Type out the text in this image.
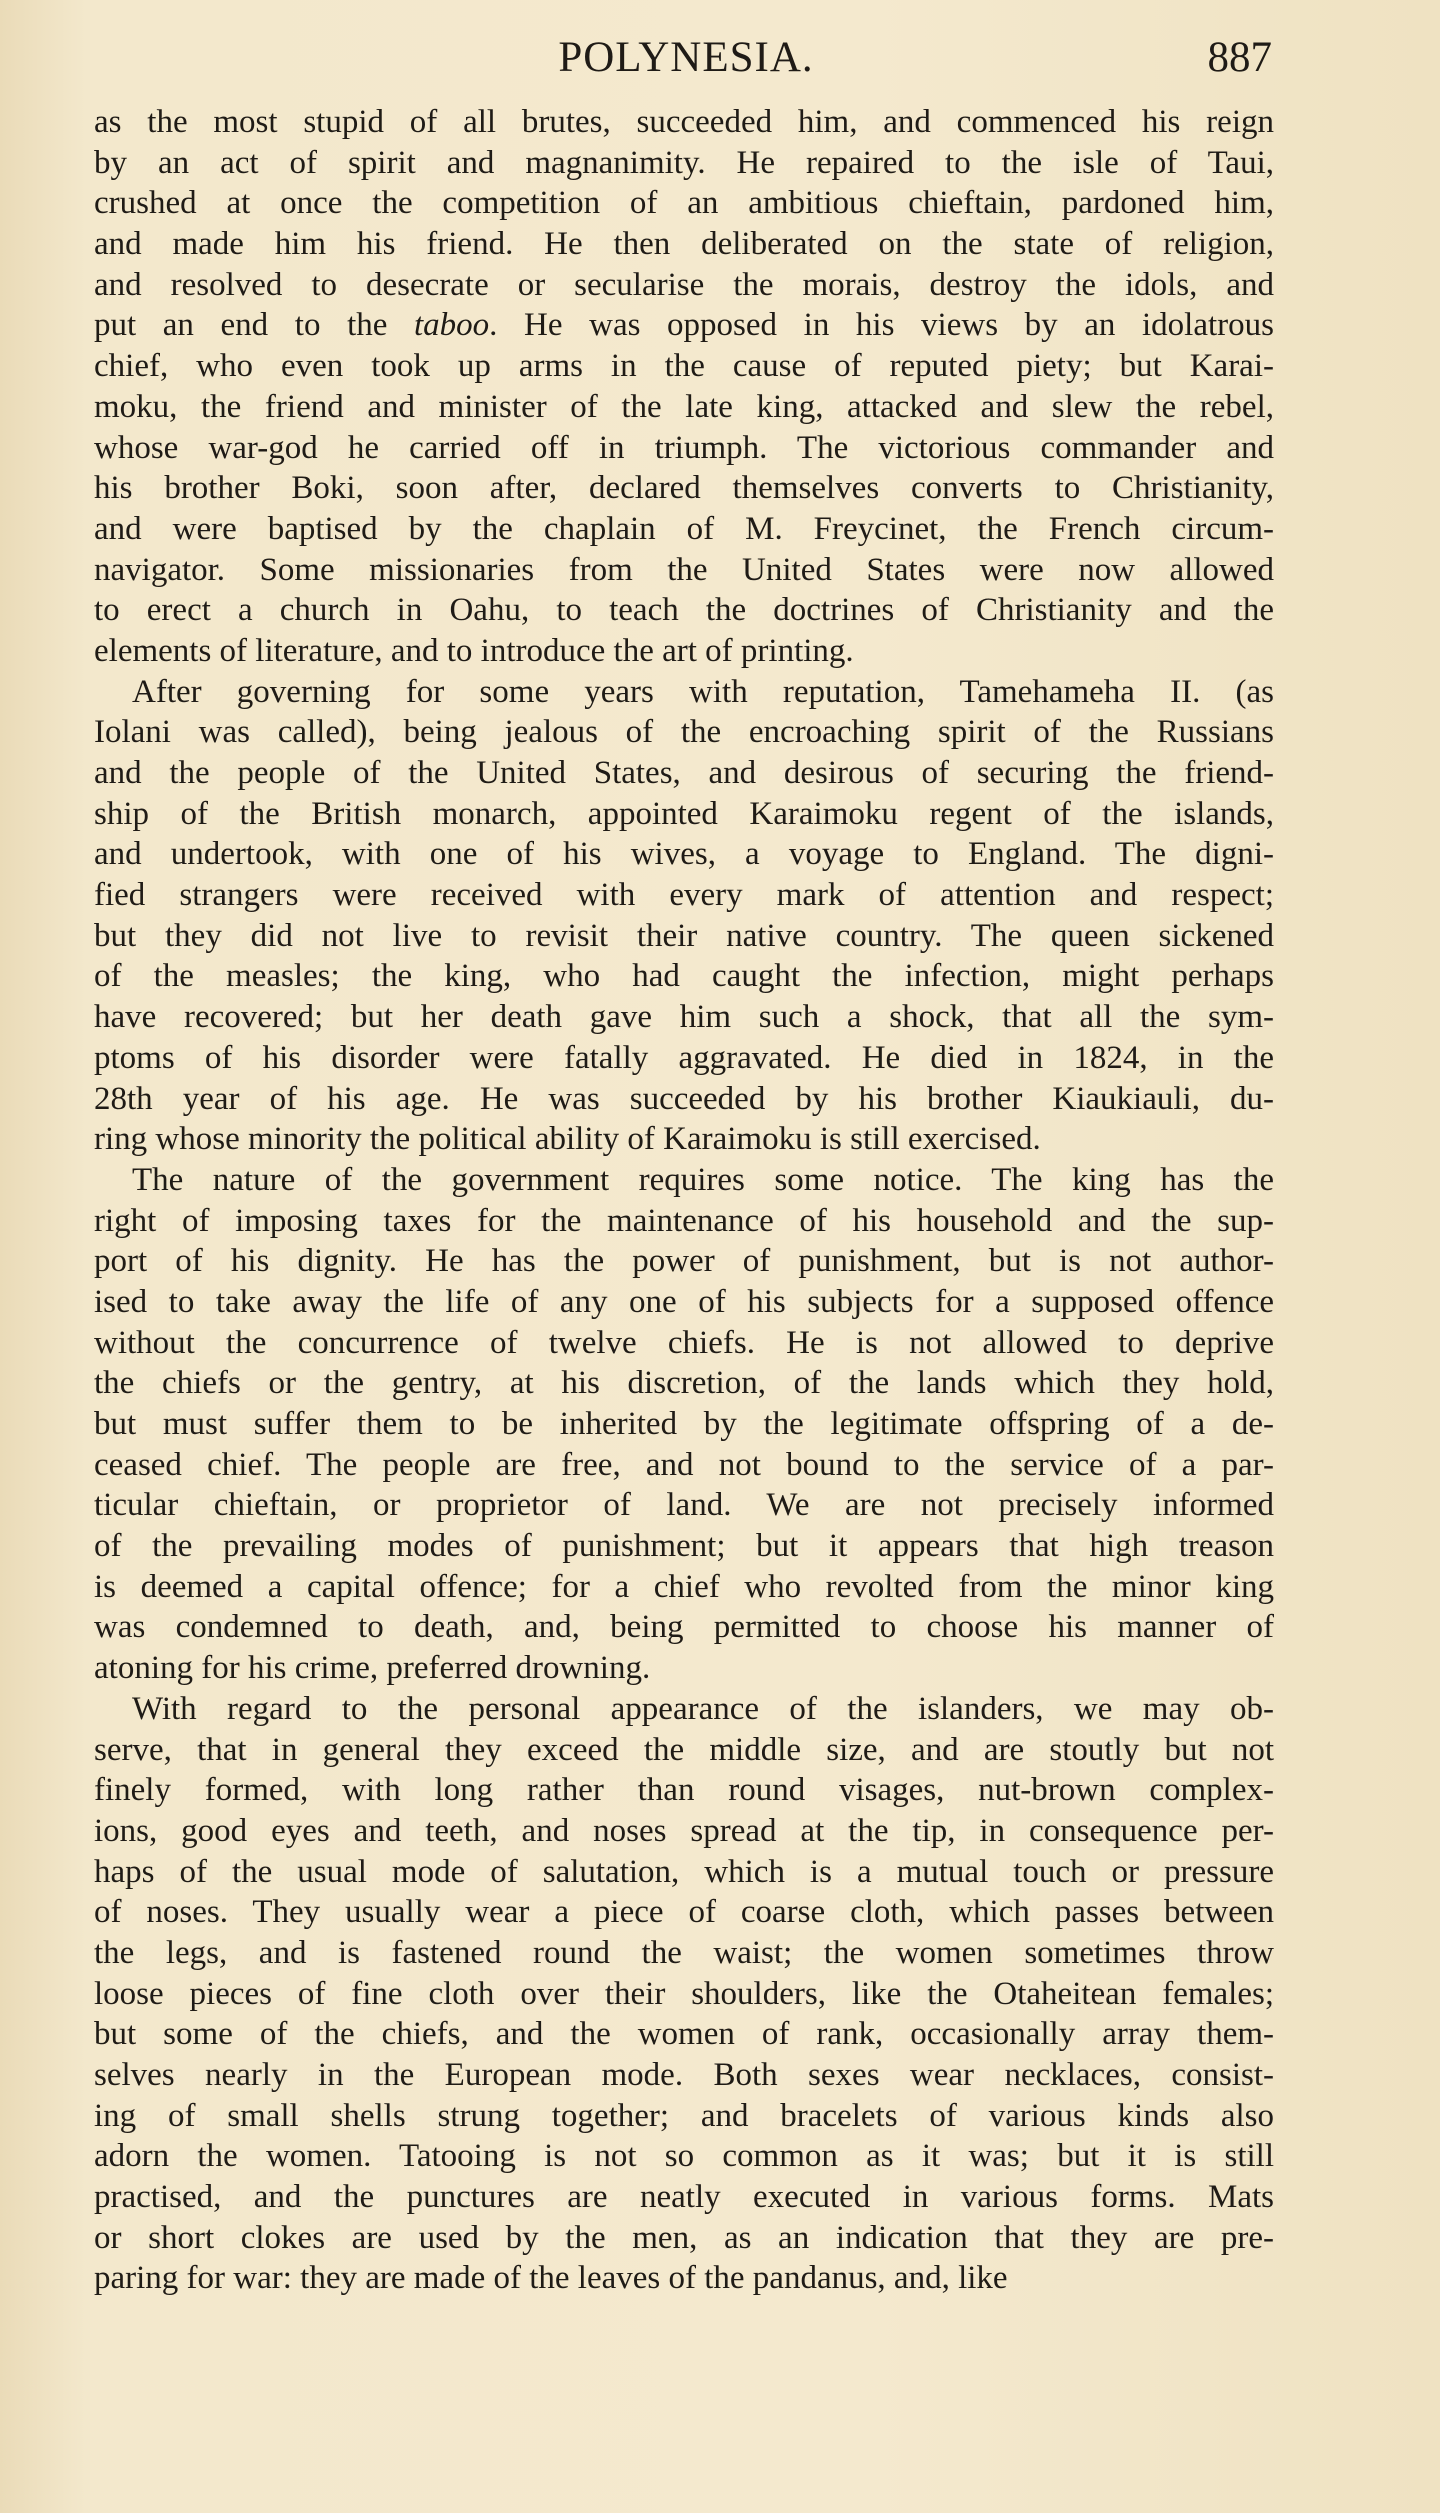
POLYNESIA.	887
as the most stupid of all brutes, succeeded him, and commenced his reign
by an act of spirit and magnanimity. He repaired to the isle of Taui,
crushed at once the competition of an ambitious chieftain, pardoned him,
and made him his friend. He then deliberated on the state of religion,
and resolved to desecrate or secularise the morais, destroy the idols, and
put an end to the taboo. He was opposed in his views by an idolatrous
chief, who even took up arms in the cause of reputed piety; but Karai-
moku, the friend and minister of the late king, attacked and slew the rebel,
whose war-god he carried off in triumph. The victorious commander and
his brother Boki, soon after, declared themselves converts to Christianity,
and were baptised by the chaplain of M. Freycinet, the French circum-
navigator. Some missionaries from the United States were now allowed
to erect a church in Oahu, to teach the doctrines of Christianity and the
elements of literature, and to introduce the art of printing.
After governing for some years with reputation, Tamehameha II. (as
Iolani was called), being jealous of the encroaching spirit of the Russians
and the people of the United States, and desirous of securing the friend-
ship of the British monarch, appointed Karaimoku regent of the islands,
and undertook, with one of his wives, a voyage to England. The digni-
fied strangers were received with every mark of attention and respect;
but they did not live to revisit their native country. The queen sickened
of the measles; the king, who had caught the infection, might perhaps
have recovered; but her death gave him such a shock, that all the sym-
ptoms of his disorder were fatally aggravated. He died in 1824, in the
28th year of his age. He was succeeded by his brother Kiaukiauli, du-
ring whose minority the political ability of Karaimoku is still exercised.
The nature of the government requires some notice. The king has the
right of imposing taxes for the maintenance of his household and the sup-
port of his dignity. He has the power of punishment, but is not author-
ised to take away the life of any one of his subjects for a supposed offence
without the concurrence of twelve chiefs. He is not allowed to deprive
the chiefs or the gentry, at his discretion, of the lands which they hold,
but must suffer them to be inherited by the legitimate offspring of a de-
ceased chief. The people are free, and not bound to the service of a par-
ticular chieftain, or proprietor of land. We are not precisely informed
of the prevailing modes of punishment; but it appears that high treason
is deemed a capital offence; for a chief who revolted from the minor king
was condemned to death, and, being permitted to choose his manner of
atoning for his crime, preferred drowning.
With regard to the personal appearance of the islanders, we may ob-
serve, that in general they exceed the middle size, and are stoutly but not
finely formed, with long rather than round visages, nut-brown complex-
ions, good eyes and teeth, and noses spread at the tip, in consequence per-
haps of the usual mode of salutation, which is a mutual touch or pressure
of noses. They usually wear a piece of coarse cloth, which passes between
the legs, and is fastened round the waist; the women sometimes throw
loose pieces of fine cloth over their shoulders, like the Otaheitean females;
but some of the chiefs, and the women of rank, occasionally array them-
selves nearly in the European mode. Both sexes wear necklaces, consist-
ing of small shells strung together; and bracelets of various kinds also
adorn the women. Tatooing is not so common as it was; but it is still
practised, and the punctures are neatly executed in various forms. Mats
or short clokes are used by the men, as an indication that they are pre-
paring for war: they are made of the leaves of the pandanus, and, like
